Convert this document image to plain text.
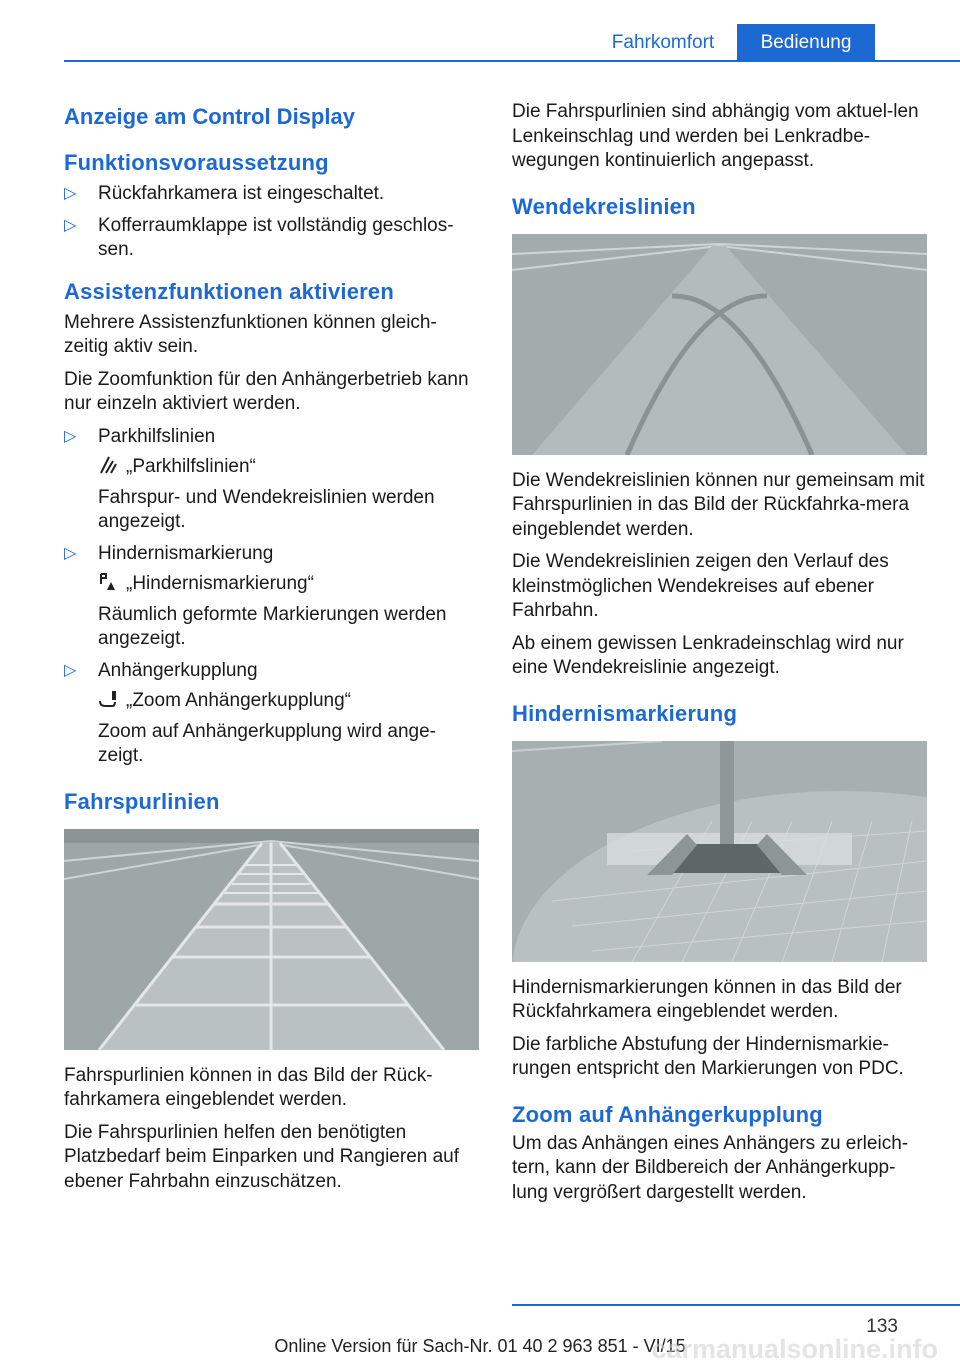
Fahrkomfort	Bedienung
Anzeige am Control Display
Funktionsvoraussetzung
▷ Rückfahrkamera ist eingeschaltet.
▷ Kofferraumklappe ist vollständig geschlos‐sen.
Assistenzfunktionen aktivieren

Mehrere Assistenzfunktionen können gleich‐zeitig aktiv sein.

Die Zoomfunktion für den Anhängerbetrieb kann nur einzeln aktiviert werden.

▷ Parkhilfslinien
„Parkhilfslinien“
Fahrspur- und Wendekreislinien werden angezeigt.
▷ Hindernismarkierung
„Hindernismarkierung“
Räumlich geformte Markierungen werden angezeigt.
▷ Anhängerkupplung
„Zoom Anhängerkupplung“
Zoom auf Anhängerkupplung wird ange‐zeigt.
Fahrspurlinien

Fahrspurlinien können in das Bild der Rück‐fahrkamera eingeblendet werden.

Die Fahrspurlinien helfen den benötigten Platzbedarf beim Einparken und Rangieren auf ebener Fahrbahn einzuschätzen.

Die Fahrspurlinien sind abhängig vom aktuel‐len Lenkeinschlag und werden bei Lenkradbe‐wegungen kontinuierlich angepasst.

Wendekreislinien

Die Wendekreislinien können nur gemeinsam mit Fahrspurlinien in das Bild der Rückfahrka‐mera eingeblendet werden.

Die Wendekreislinien zeigen den Verlauf des kleinstmöglichen Wendekreises auf ebener Fahrbahn.

Ab einem gewissen Lenkradeinschlag wird nur eine Wendekreislinie angezeigt.

Hindernismarkierung

Hindernismarkierungen können in das Bild der Rückfahrkamera eingeblendet werden.

Die farbliche Abstufung der Hindernismarkie‐rungen entspricht den Markierungen von PDC.

Zoom auf Anhängerkupplung

Um das Anhängen eines Anhängers zu erleich‐tern, kann der Bildbereich der Anhängerkupp‐lung vergrößert dargestellt werden.

133
Online Version für Sach-Nr. 01 40 2 963 851 - VI/15
carmanualsonline.info
